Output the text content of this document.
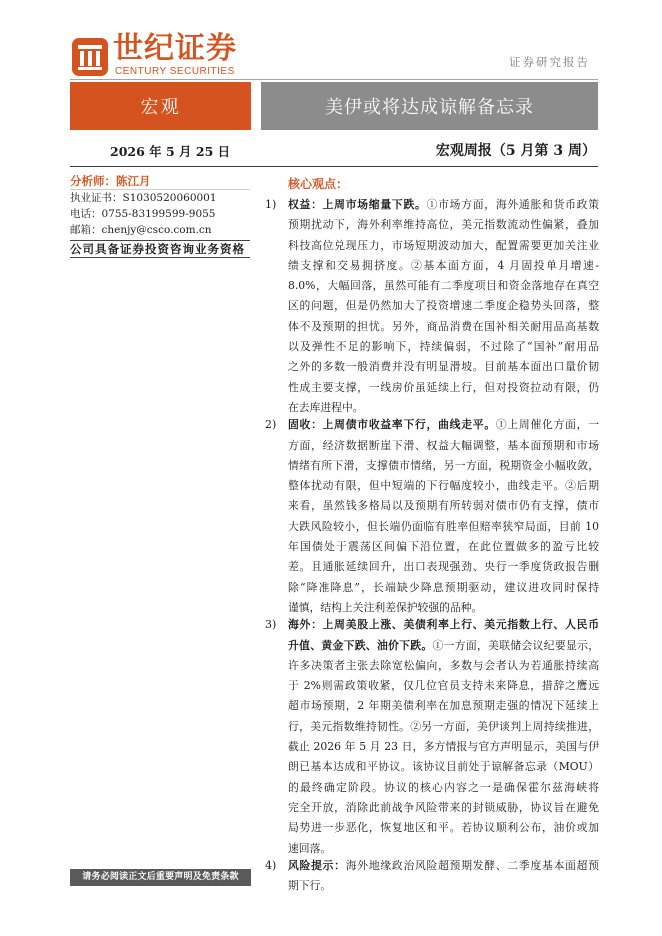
世纪证券
CENTURY SECURITIES
证券研究报告
宏观	美伊或将达成谅解备忘录
2026 年 5 月 25 日	宏观周报（5 月第 3 周）
分析师：陈江月
执业证书：S1030520060001
电话：0755-83199599-9055
邮箱：chenjy@csco.com.cn
公司具备证券投资咨询业务资格
核心观点：
1) 权益：上周市场缩量下跌。①市场方面，海外通胀和货币政策
预期扰动下，海外利率维持高位，美元指数流动性偏紧，叠加
科技高位兑现压力，市场短期波动加大，配置需要更加关注业
绩支撑和交易拥挤度。②基本面方面，4 月固投单月增速-
8.0%，大幅回落，虽然可能有二季度项目和资金落地存在真空
区的问题，但是仍然加大了投资增速二季度企稳势头回落，整
体不及预期的担忧。另外，商品消费在国补相关耐用品高基数
以及弹性不足的影响下，持续偏弱，不过除了“国补”耐用品
之外的多数一般消费并没有明显滑坡。目前基本面出口量价韧
性成主要支撑，一线房价虽延续上行，但对投资拉动有限，仍
在去库进程中。
2) 固收：上周债市收益率下行，曲线走平。①上周催化方面，一
方面，经济数据断崖下滑、权益大幅调整，基本面预期和市场
情绪有所下滑，支撑债市情绪，另一方面，税期资金小幅收敛，
整体扰动有限，但中短端的下行幅度较小，曲线走平。②后期
来看，虽然钱多格局以及预期有所转弱对债市仍有支撑，债市
大跌风险较小，但长端仍面临有胜率但赔率狭窄局面，目前 10
年国债处于震荡区间偏下沿位置，在此位置做多的盈亏比较
差。且通胀延续回升，出口表现强劲、央行一季度货政报告删
除“降准降息”，长端缺少降息预期驱动，建议进攻同时保持
谨慎，结构上关注利差保护较强的品种。
3) 海外：上周美股上涨、美债利率上行、美元指数上行、人民币
升值、黄金下跌、油价下跌。①一方面，美联储会议纪要显示，
许多决策者主张去除宽松偏向，多数与会者认为若通胀持续高
于 2%则需政策收紧，仅几位官员支持未来降息，措辞之鹰远
超市场预期，2 年期美债利率在加息预期走强的情况下延续上
行，美元指数维持韧性。②另一方面，美伊谈判上周持续推进，
截止 2026 年 5 月 23 日，多方情报与官方声明显示，美国与伊
朗已基本达成和平协议。该协议目前处于谅解备忘录（MOU）
的最终确定阶段。协议的核心内容之一是确保霍尔兹海峡将
完全开放，消除此前战争风险带来的封锁威胁，协议旨在避免
局势进一步恶化，恢复地区和平。若协议顺利公布，油价或加
速回落。
4) 风险提示：海外地缘政治风险超预期发酵、二季度基本面超预
期下行。
请务必阅读正文后重要声明及免责条款
